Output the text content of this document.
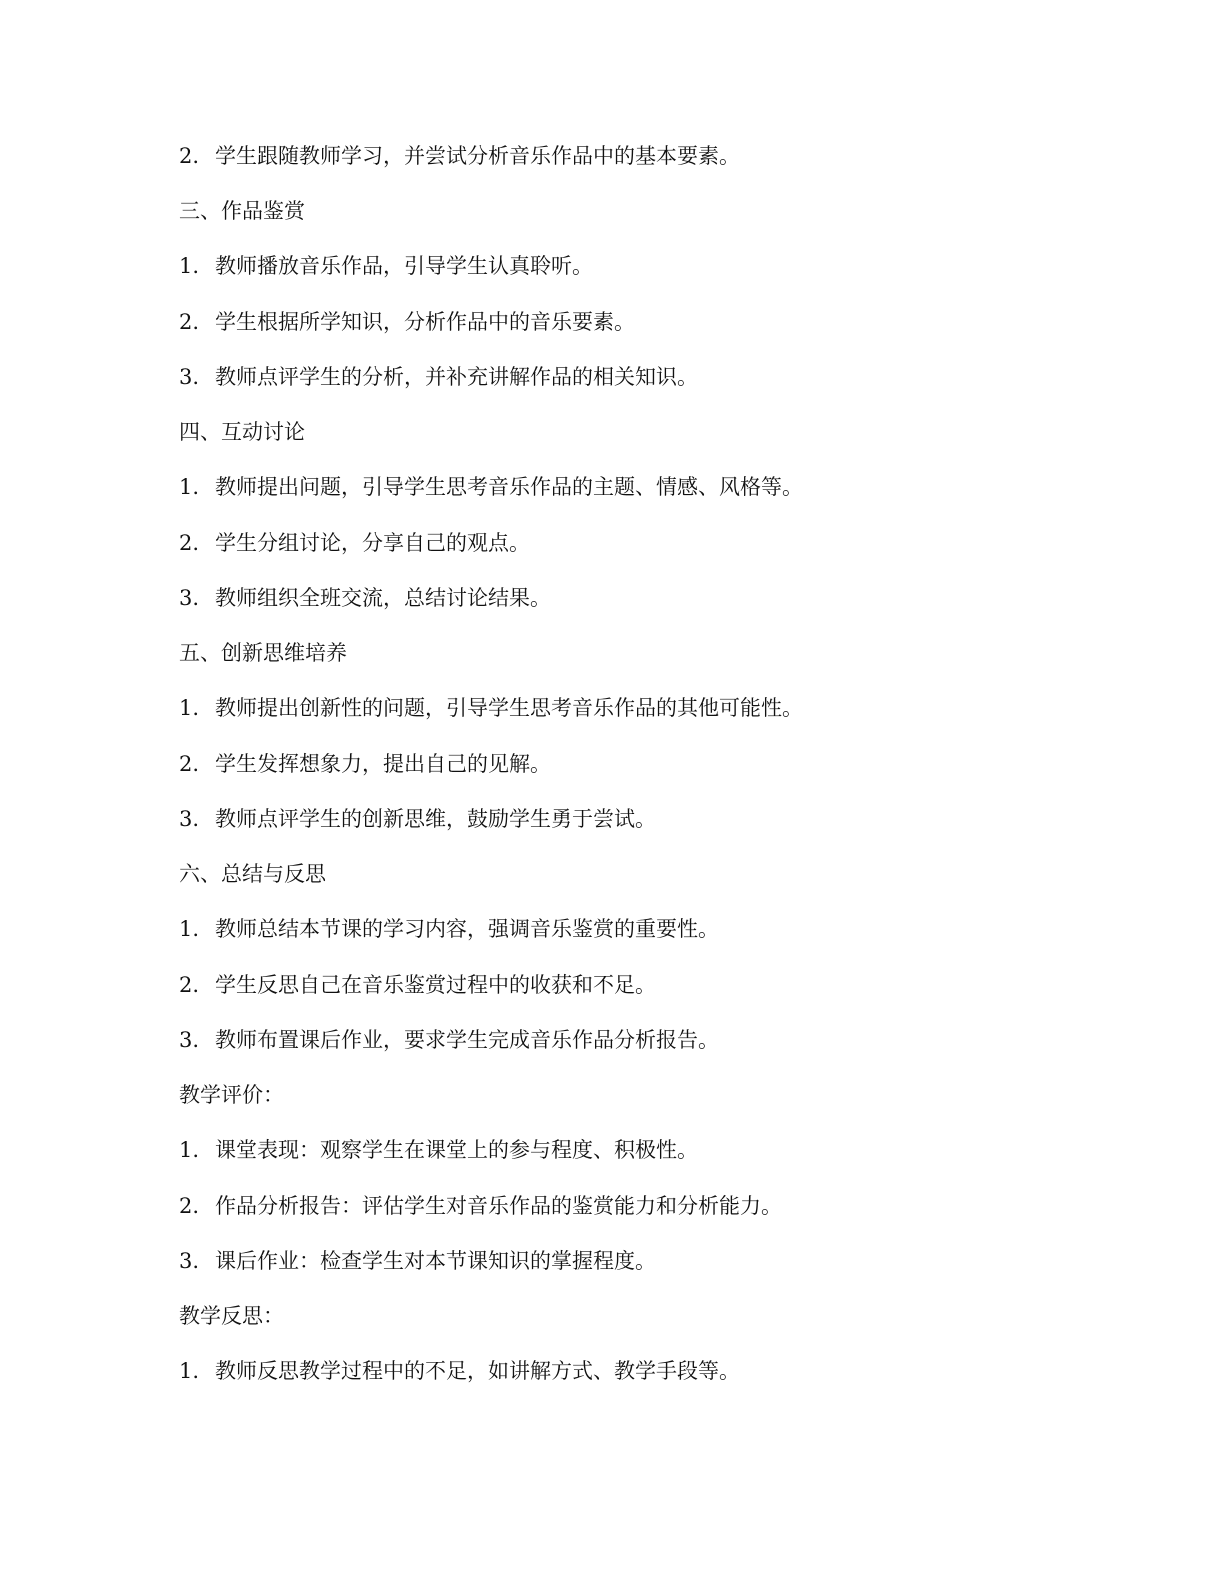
2. 学生跟随教师学习，并尝试分析音乐作品中的基本要素。
三、作品鉴赏
1. 教师播放音乐作品，引导学生认真聆听。
2. 学生根据所学知识，分析作品中的音乐要素。
3. 教师点评学生的分析，并补充讲解作品的相关知识。
四、互动讨论
1. 教师提出问题，引导学生思考音乐作品的主题、情感、风格等。
2. 学生分组讨论，分享自己的观点。
3. 教师组织全班交流，总结讨论结果。
五、创新思维培养
1. 教师提出创新性的问题，引导学生思考音乐作品的其他可能性。
2. 学生发挥想象力，提出自己的见解。
3. 教师点评学生的创新思维，鼓励学生勇于尝试。
六、总结与反思
1. 教师总结本节课的学习内容，强调音乐鉴赏的重要性。
2. 学生反思自己在音乐鉴赏过程中的收获和不足。
3. 教师布置课后作业，要求学生完成音乐作品分析报告。
教学评价：
1. 课堂表现：观察学生在课堂上的参与程度、积极性。
2. 作品分析报告：评估学生对音乐作品的鉴赏能力和分析能力。
3. 课后作业：检查学生对本节课知识的掌握程度。
教学反思：
1. 教师反思教学过程中的不足，如讲解方式、教学手段等。
